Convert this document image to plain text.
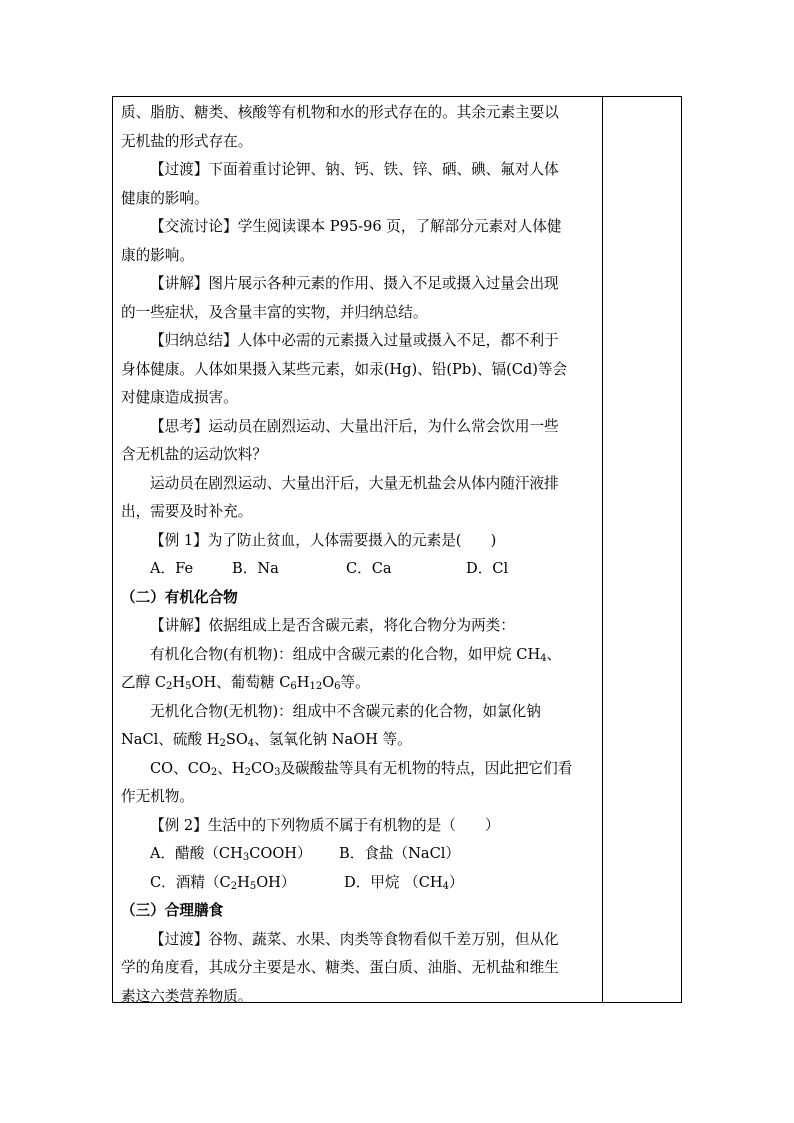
质、脂肪、糖类、核酸等有机物和水的形式存在的。其余元素主要以
无机盐的形式存在。
【过渡】下面着重讨论钾、钠、钙、铁、锌、硒、碘、氟对人体
健康的影响。
【交流讨论】学生阅读课本 P95-96 页，了解部分元素对人体健
康的影响。
【讲解】图片展示各种元素的作用、摄入不足或摄入过量会出现
的一些症状，及含量丰富的实物，并归纳总结。
【归纳总结】人体中必需的元素摄入过量或摄入不足，都不利于
身体健康。人体如果摄入某些元素，如汞(Hg)、铅(Pb)、镉(Cd)等会
对健康造成损害。
【思考】运动员在剧烈运动、大量出汗后，为什么常会饮用一些
含无机盐的运动饮料？
运动员在剧烈运动、大量出汗后，大量无机盐会从体内随汗液排
出，需要及时补充。
【例 1】为了防止贫血，人体需要摄入的元素是(　　)
A．Fe	B．Na	C．Ca	D．Cl
（二）有机化合物
【讲解】依据组成上是否含碳元素，将化合物分为两类：
有机化合物(有机物)：组成中含碳元素的化合物，如甲烷 $CH_4$、
乙醇 $C_2H_5OH$、葡萄糖 $C_6H_{12}O_6$等。
无机化合物(无机物)：组成中不含碳元素的化合物，如氯化钠
NaCl、硫酸 $H_2SO_4$、氢氧化钠 NaOH 等。
CO、$CO_2$、$H_2CO_3$及碳酸盐等具有无机物的特点，因此把它们看
作无机物。
【例 2】生活中的下列物质不属于有机物的是（　　）
A．醋酸$(CH_3COOH)$	B．食盐（NaCl）
C．酒精$(C_2H_5OH)$	D．甲烷 $(CH_4)$
（三）合理膳食
【过渡】谷物、蔬菜、水果、肉类等食物看似千差万别，但从化
学的角度看，其成分主要是水、糖类、蛋白质、油脂、无机盐和维生
素这六类营养物质。
